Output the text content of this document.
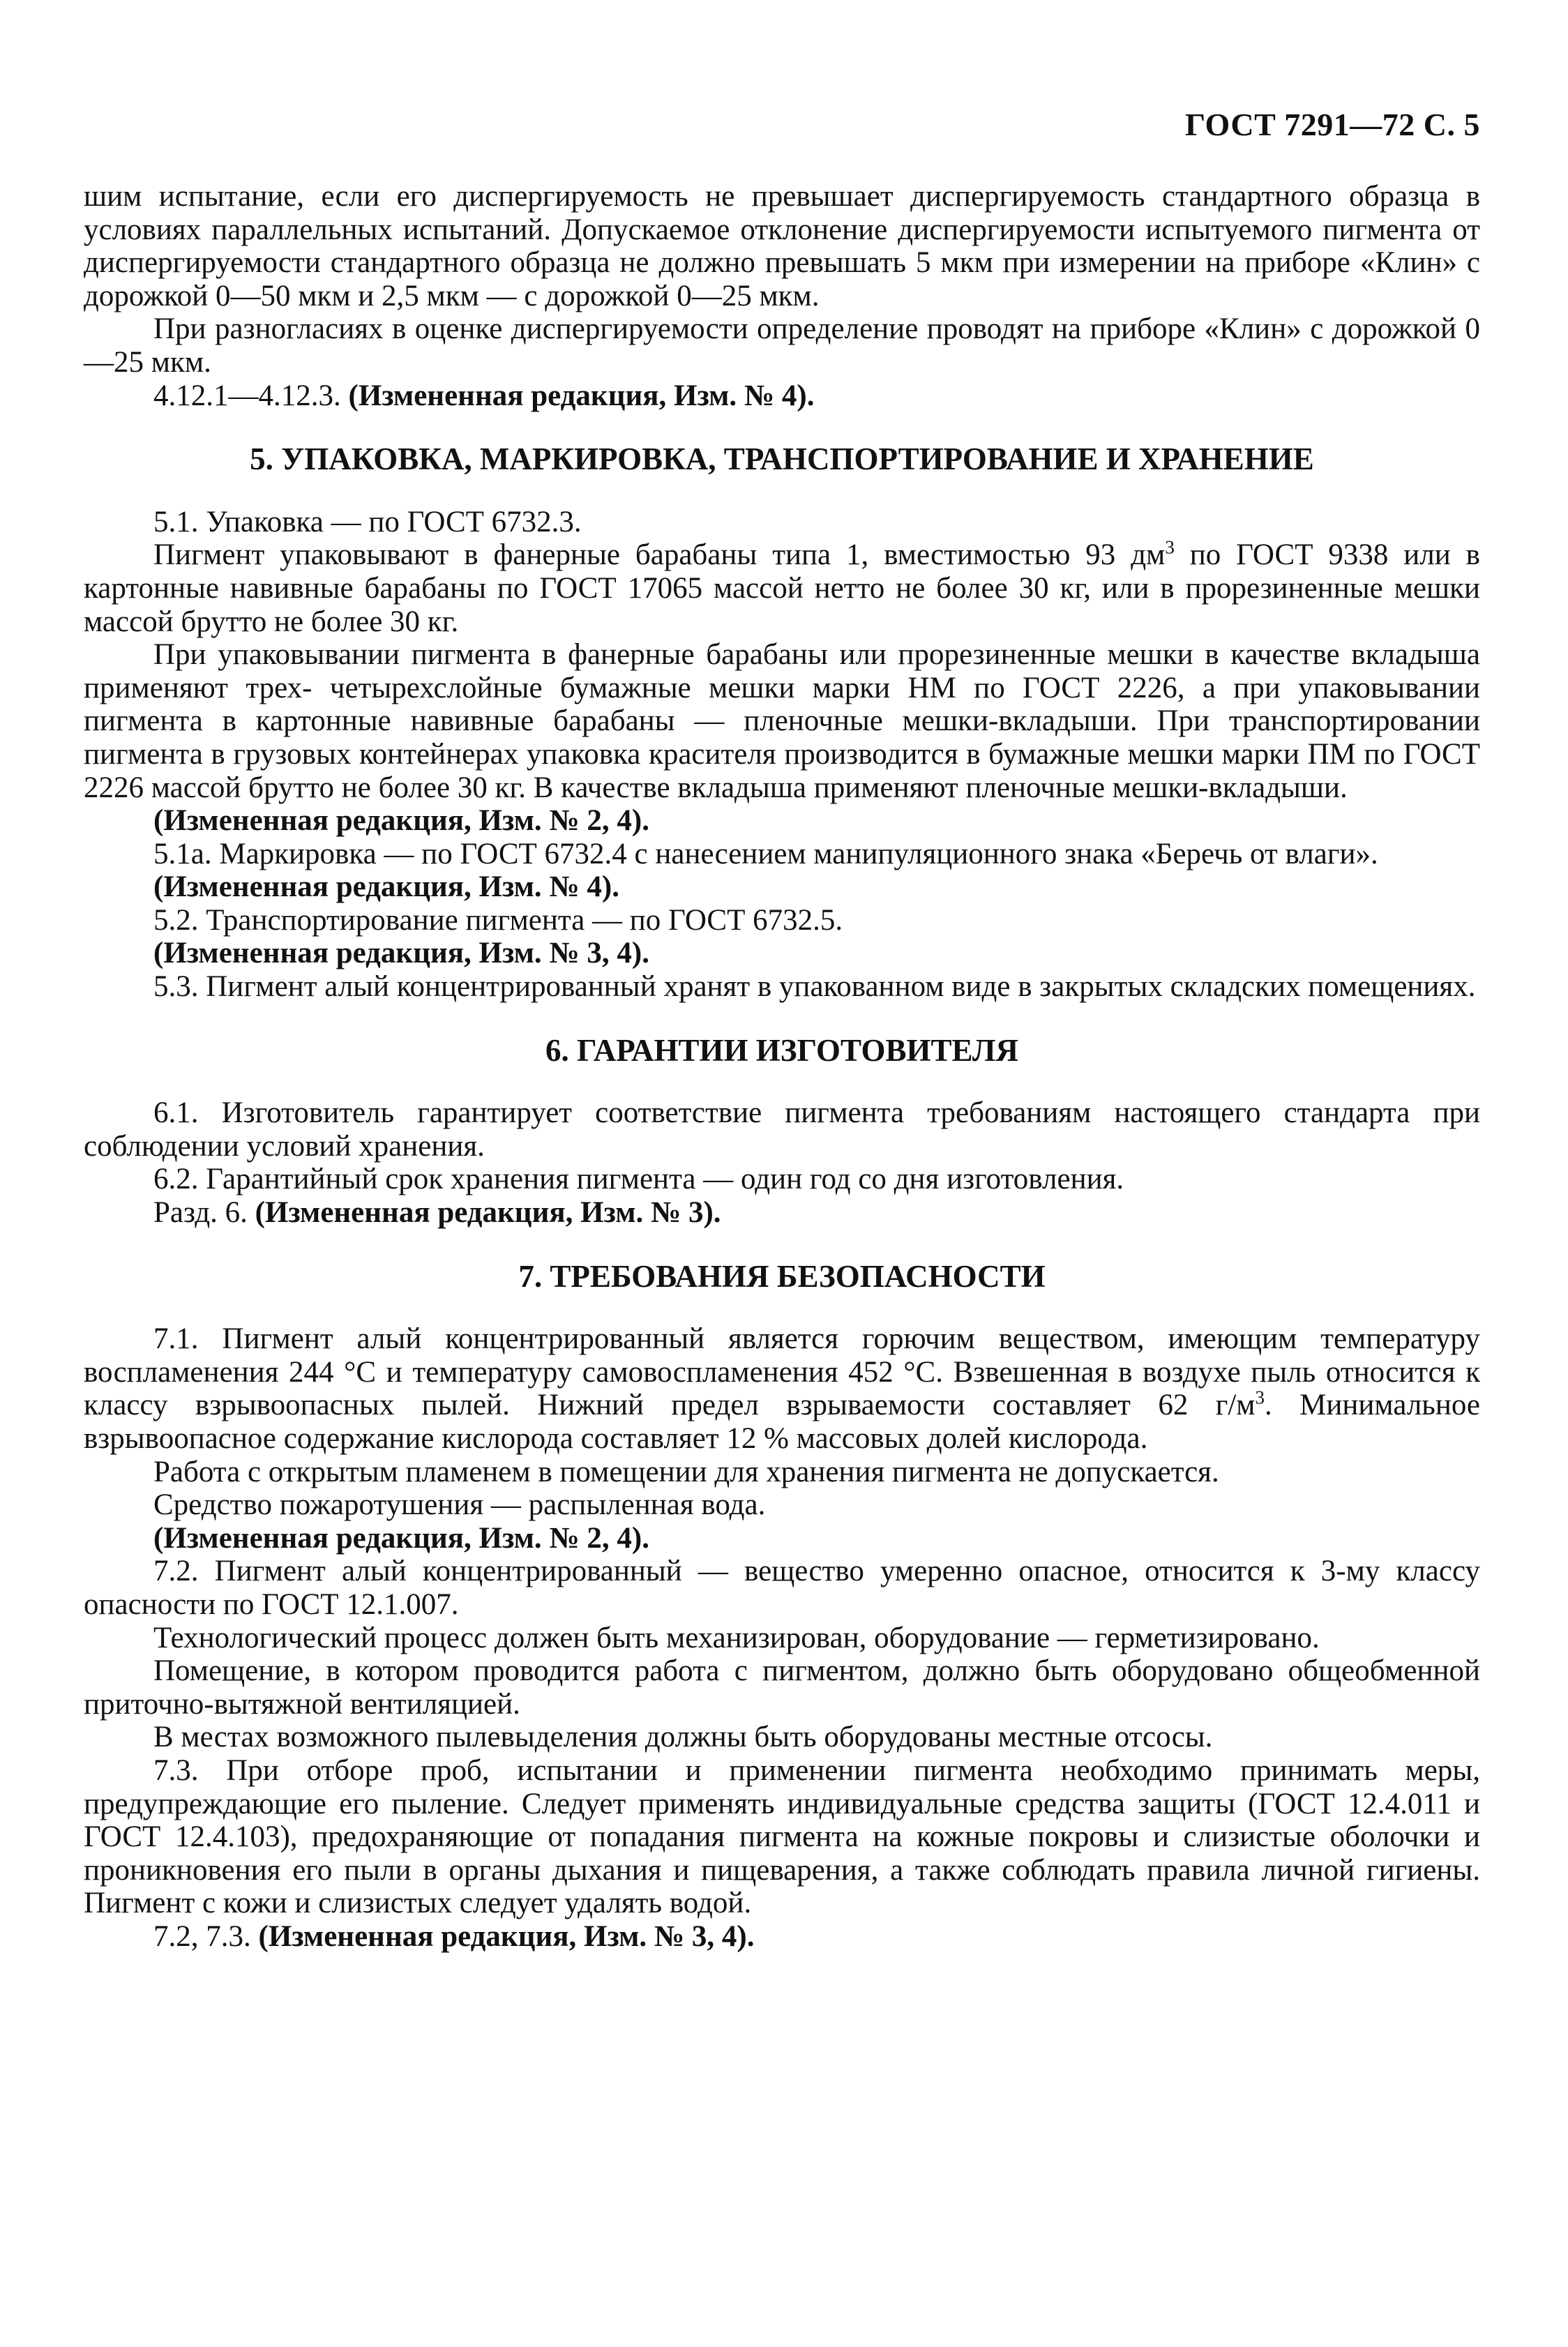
ГОСТ 7291—72 С. 5

шим испытание, если его диспергируемость не превышает диспергируемость стандартного образца в условиях параллельных испытаний. Допускаемое отклонение диспергируемости испытуемого пигмента от диспергируемости стандартного образца не должно превышать 5 мкм при измерении на приборе «Клин» с дорожкой 0—50 мкм и 2,5 мкм — с дорожкой 0—25 мкм.

При разногласиях в оценке диспергируемости определение проводят на приборе «Клин» с дорожкой 0—25 мкм.

4.12.1—4.12.3. (Измененная редакция, Изм. № 4).

5. УПАКОВКА, МАРКИРОВКА, ТРАНСПОРТИРОВАНИЕ И ХРАНЕНИЕ

5.1. Упаковка — по ГОСТ 6732.3.

Пигмент упаковывают в фанерные барабаны типа 1, вместимостью 93 $дм^3$ по ГОСТ 9338 или в картонные навивные барабаны по ГОСТ 17065 массой нетто не более 30 кг, или в прорезиненные мешки массой брутто не более 30 кг.

При упаковывании пигмента в фанерные барабаны или прорезиненные мешки в качестве вкладыша применяют трех- четырехслойные бумажные мешки марки НМ по ГОСТ 2226, а при упаковывании пигмента в картонные навивные барабаны — пленочные мешки-вкладыши. При транспортировании пигмента в грузовых контейнерах упаковка красителя производится в бумажные мешки марки ПМ по ГОСТ 2226 массой брутто не более 30 кг. В качестве вкладыша применяют пленочные мешки-вкладыши.

(Измененная редакция, Изм. № 2, 4).

5.1а. Маркировка — по ГОСТ 6732.4 с нанесением манипуляционного знака «Беречь от влаги».

(Измененная редакция, Изм. № 4).

5.2. Транспортирование пигмента — по ГОСТ 6732.5.

(Измененная редакция, Изм. № 3, 4).

5.3. Пигмент алый концентрированный хранят в упакованном виде в закрытых складских помещениях.

6. ГАРАНТИИ ИЗГОТОВИТЕЛЯ

6.1. Изготовитель гарантирует соответствие пигмента требованиям настоящего стандарта при соблюдении условий хранения.

6.2. Гарантийный срок хранения пигмента — один год со дня изготовления.

Разд. 6. (Измененная редакция, Изм. № 3).

7. ТРЕБОВАНИЯ БЕЗОПАСНОСТИ

7.1. Пигмент алый концентрированный является горючим веществом, имеющим температуру воспламенения 244 °С и температуру самовоспламенения 452 °С. Взвешенная в воздухе пыль относится к классу взрывоопасных пылей. Нижний предел взрываемости составляет 62 $г/м^3$. Минимальное взрывоопасное содержание кислорода составляет 12 % массовых долей кислорода.

Работа с открытым пламенем в помещении для хранения пигмента не допускается.

Средство пожаротушения — распыленная вода.

(Измененная редакция, Изм. № 2, 4).

7.2. Пигмент алый концентрированный — вещество умеренно опасное, относится к 3-му классу опасности по ГОСТ 12.1.007.

Технологический процесс должен быть механизирован, оборудование — герметизировано.

Помещение, в котором проводится работа с пигментом, должно быть оборудовано общеобменной приточно-вытяжной вентиляцией.

В местах возможного пылевыделения должны быть оборудованы местные отсосы.

7.3. При отборе проб, испытании и применении пигмента необходимо принимать меры, предупреждающие его пыление. Следует применять индивидуальные средства защиты (ГОСТ 12.4.011 и ГОСТ 12.4.103), предохраняющие от попадания пигмента на кожные покровы и слизистые оболочки и проникновения его пыли в органы дыхания и пищеварения, а также соблюдать правила личной гигиены. Пигмент с кожи и слизистых следует удалять водой.

7.2, 7.3. (Измененная редакция, Изм. № 3, 4).
